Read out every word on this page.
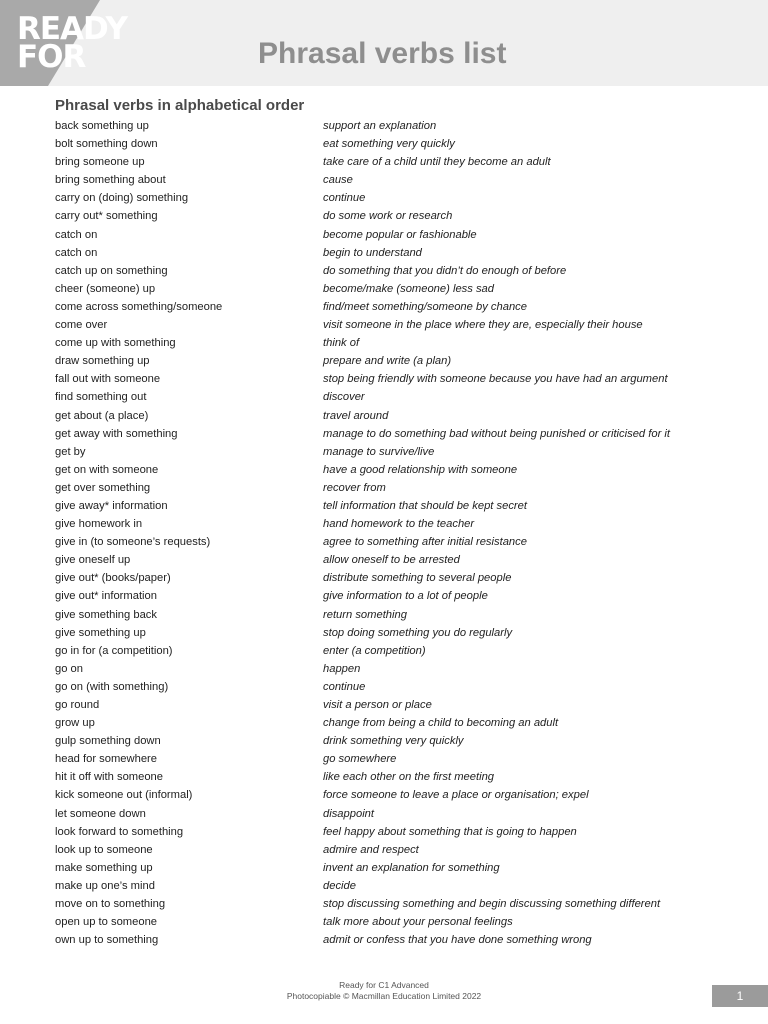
READY
FOR	Phrasal verbs list
Phrasal verbs in alphabetical order
back something up	support an explanation
bolt something down	eat something very quickly
bring someone up	take care of a child until they become an adult
bring something about	cause
carry on (doing) something	continue
carry out* something	do some work or research
catch on	become popular or fashionable
catch on	begin to understand
catch up on something	do something that you didn’t do enough of before
cheer (someone) up	become/make (someone) less sad
come across something/someone	find/meet something/someone by chance
come over	visit someone in the place where they are, especially their house
come up with something	think of
draw something up	prepare and write (a plan)
fall out with someone	stop being friendly with someone because you have had an argument
find something out	discover
get about (a place)	travel around
get away with something	manage to do something bad without being punished or criticised for it
get by	manage to survive/live
get on with someone	have a good relationship with someone
get over something	recover from
give away* information	tell information that should be kept secret
give homework in	hand homework to the teacher
give in (to someone’s requests)	agree to something after initial resistance
give oneself up	allow oneself to be arrested
give out* (books/paper)	distribute something to several people
give out* information	give information to a lot of people
give something back	return something
give something up	stop doing something you do regularly
go in for (a competition)	enter (a competition)
go on	happen
go on (with something)	continue
go round	visit a person or place
grow up	change from being a child to becoming an adult
gulp something down	drink something very quickly
head for somewhere	go somewhere
hit it off with someone	like each other on the first meeting
kick someone out (informal)	force someone to leave a place or organisation; expel
let someone down	disappoint
look forward to something	feel happy about something that is going to happen
look up to someone	admire and respect
make something up	invent an explanation for something
make up one’s mind	decide
move on to something	stop discussing something and begin discussing something different
open up to someone	talk more about your personal feelings
own up to something	admit or confess that you have done something wrong
Ready for C1 Advanced
Photocopiable © Macmillan Education Limited 2022	1
